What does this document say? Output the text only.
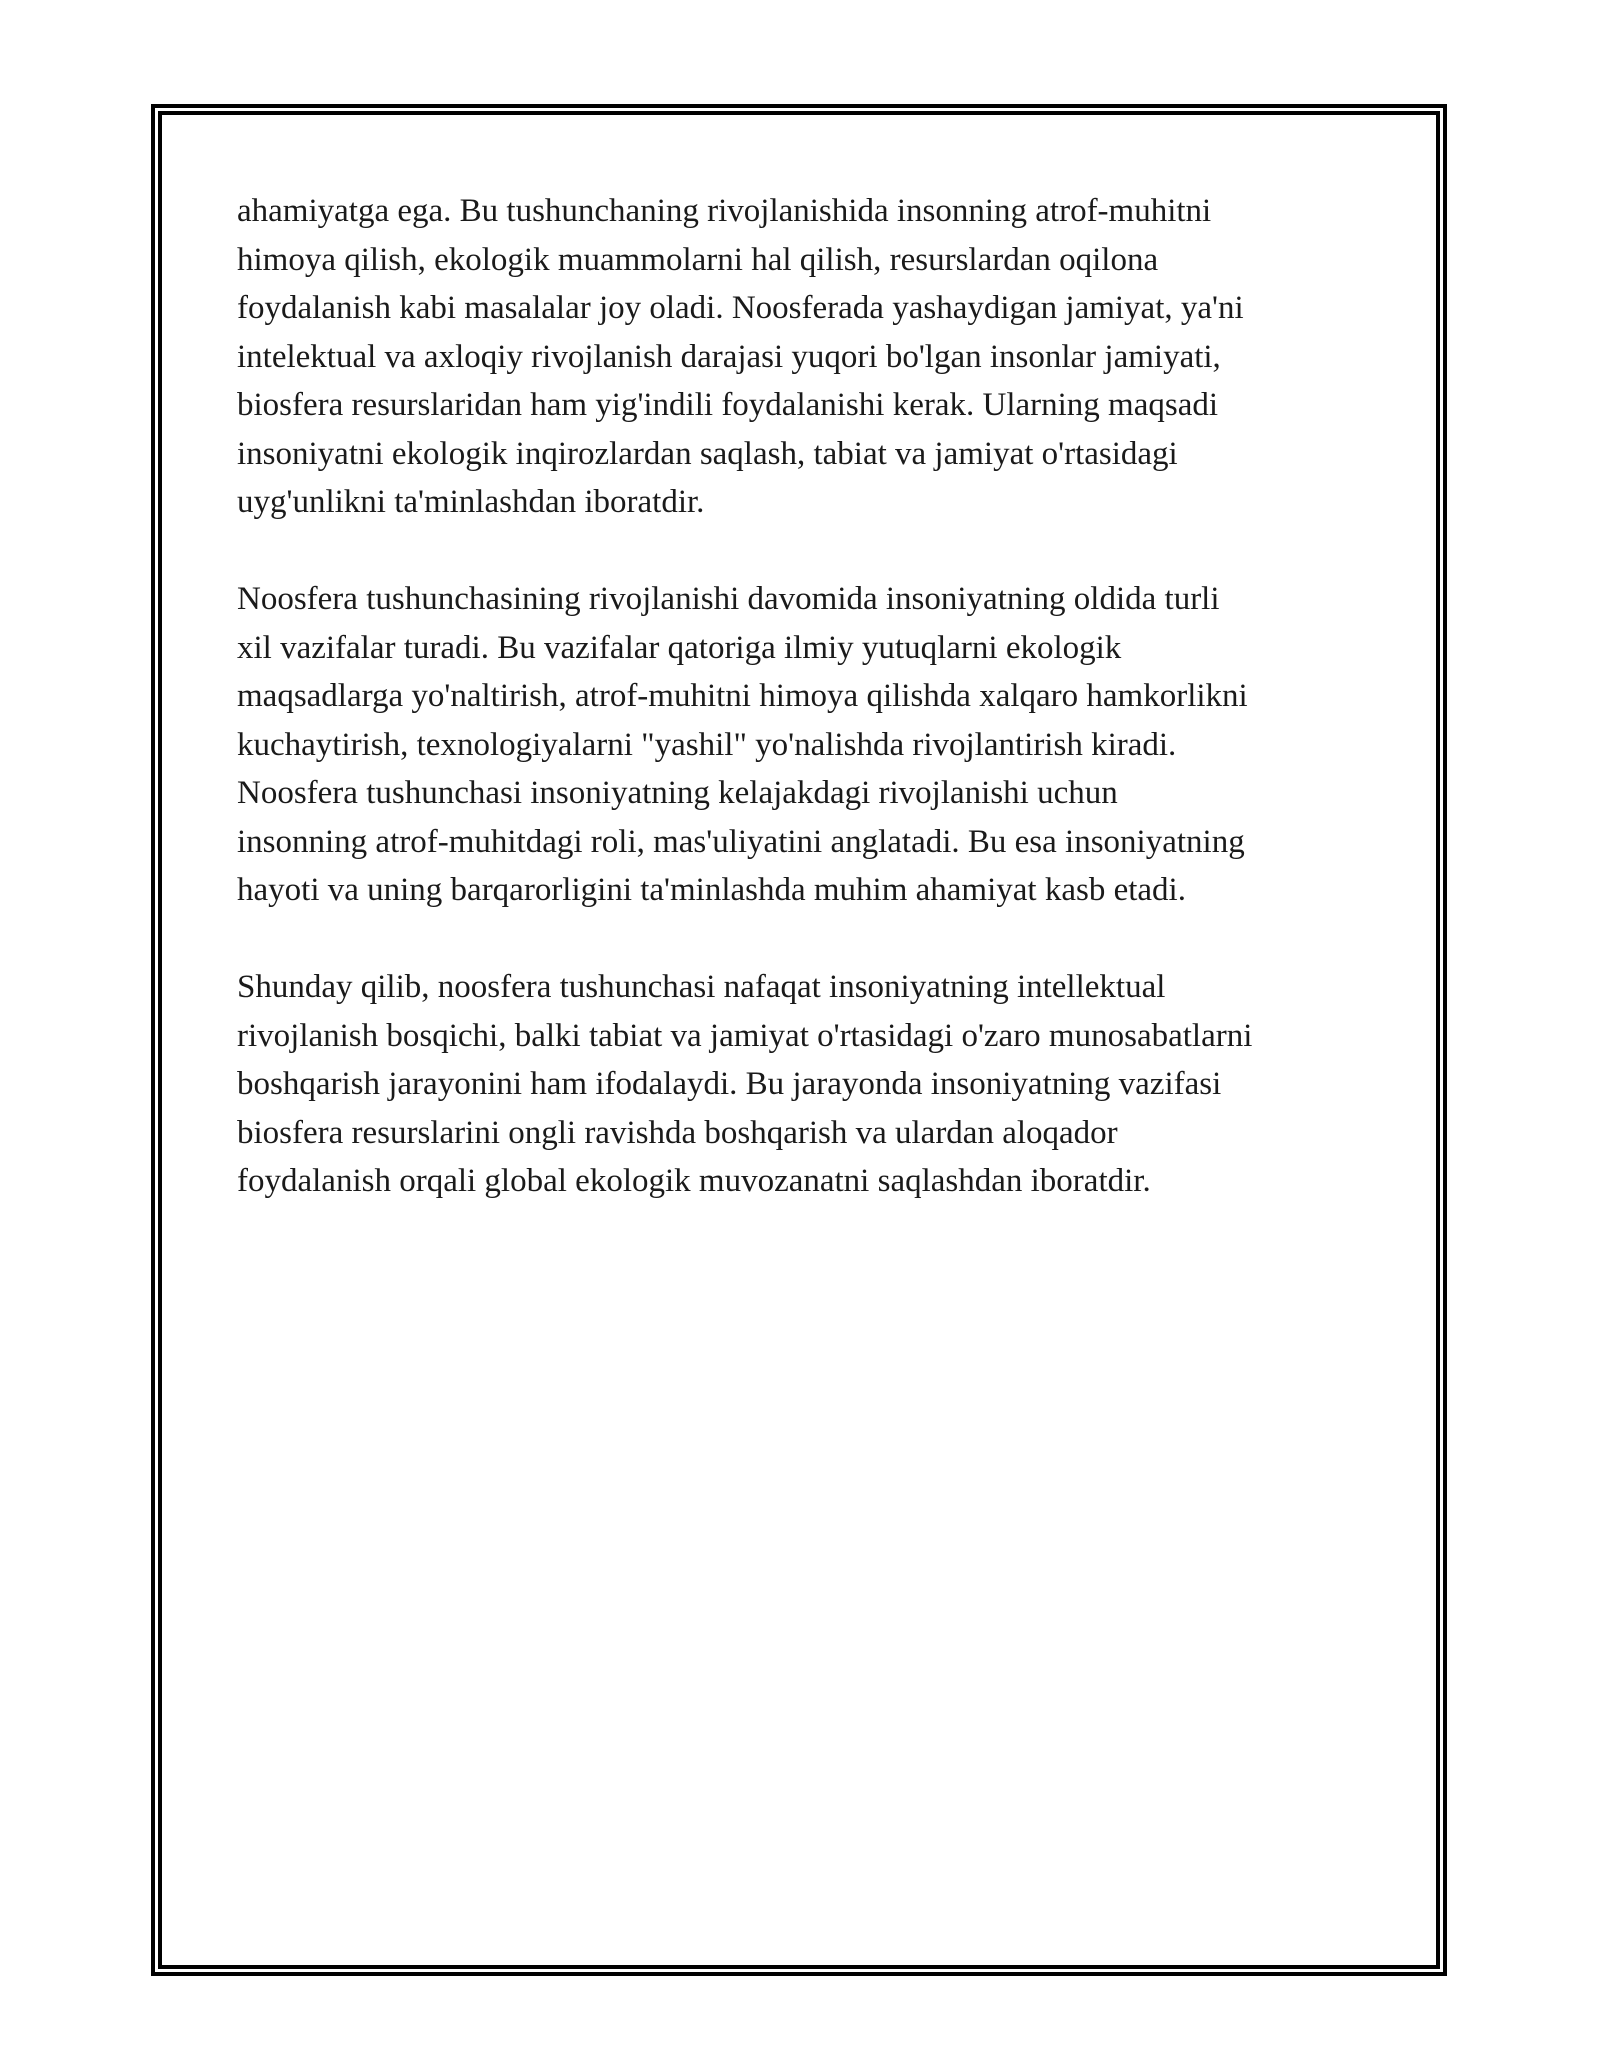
ahamiyatga ega. Bu tushunchaning rivojlanishida insonning atrof-muhitni
himoya qilish, ekologik muammolarni hal qilish, resurslardan oqilona
foydalanish kabi masalalar joy oladi. Noosferada yashaydigan jamiyat, ya'ni
intelektual va axloqiy rivojlanish darajasi yuqori bo'lgan insonlar jamiyati,
biosfera resurslaridan ham yig'indili foydalanishi kerak. Ularning maqsadi
insoniyatni ekologik inqirozlardan saqlash, tabiat va jamiyat o'rtasidagi
uyg'unlikni ta'minlashdan iboratdir.

Noosfera tushunchasining rivojlanishi davomida insoniyatning oldida turli
xil vazifalar turadi. Bu vazifalar qatoriga ilmiy yutuqlarni ekologik
maqsadlarga yo'naltirish, atrof-muhitni himoya qilishda xalqaro hamkorlikni
kuchaytirish, texnologiyalarni "yashil" yo'nalishda rivojlantirish kiradi.
Noosfera tushunchasi insoniyatning kelajakdagi rivojlanishi uchun
insonning atrof-muhitdagi roli, mas'uliyatini anglatadi. Bu esa insoniyatning
hayoti va uning barqarorligini ta'minlashda muhim ahamiyat kasb etadi.

Shunday qilib, noosfera tushunchasi nafaqat insoniyatning intellektual
rivojlanish bosqichi, balki tabiat va jamiyat o'rtasidagi o'zaro munosabatlarni
boshqarish jarayonini ham ifodalaydi. Bu jarayonda insoniyatning vazifasi
biosfera resurslarini ongli ravishda boshqarish va ulardan aloqador
foydalanish orqali global ekologik muvozanatni saqlashdan iboratdir.
